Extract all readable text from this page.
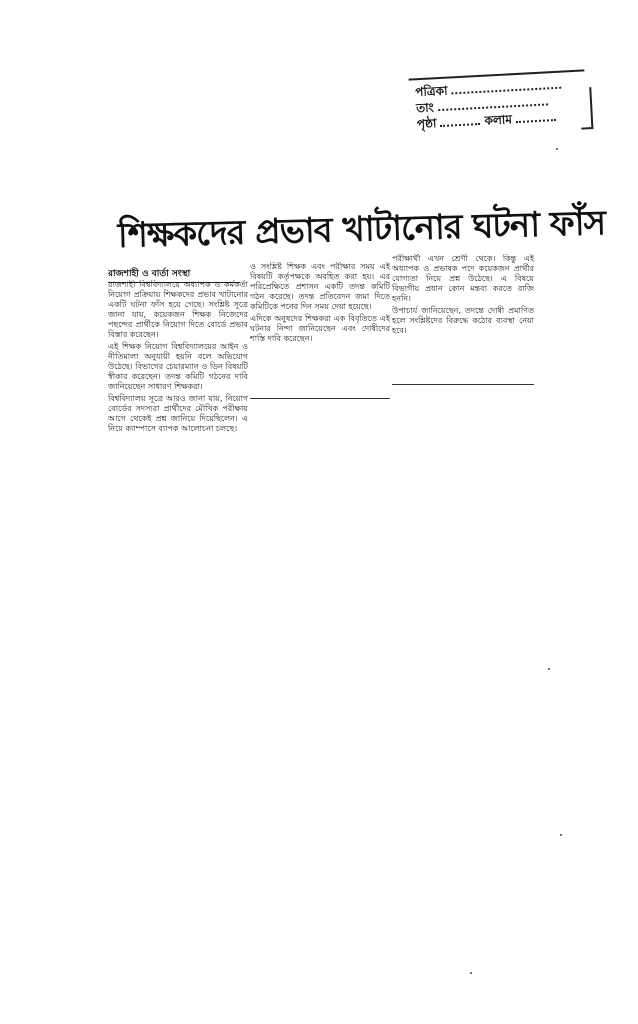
পত্রিকা
তাং
পৃষ্ঠা	কলাম
শিক্ষকদের প্রভাব খাটানোর ঘটনা ফাঁস
রাজশাহী ও বার্তা সংস্থা

রাজশাহী বিশ্ববিদ্যালয়ে অধ্যাপক ও কর্মকর্তা নিয়োগ প্রক্রিয়ায় শিক্ষকদের প্রভাব খাটানোর একটি ঘটনা ফাঁস হয়ে গেছে। সংশ্লিষ্ট সূত্রে জানা যায়, কয়েকজন শিক্ষক নিজেদের পছন্দের প্রার্থীকে নিয়োগ দিতে বোর্ডে প্রভাব বিস্তার করেছেন।

এই শিক্ষক নিয়োগ বিশ্ববিদ্যালয়ের আইন ও নীতিমালা অনুযায়ী হয়নি বলে অভিযোগ উঠেছে। বিভাগের চেয়ারম্যান ও ডিন বিষয়টি স্বীকার করেছেন। তদন্ত কমিটি গঠনের দাবি জানিয়েছেন সাধারণ শিক্ষকরা।

বিশ্ববিদ্যালয় সূত্রে আরও জানা যায়, নিয়োগ বোর্ডের সদস্যরা প্রার্থীদের মৌখিক পরীক্ষায় আগে থেকেই প্রশ্ন জানিয়ে দিয়েছিলেন। এ নিয়ে ক্যাম্পাসে ব্যাপক আলোচনা চলছে।

ও সংশ্লিষ্ট শিক্ষক এবং পরীক্ষার সময় এই বিষয়টি কর্তৃপক্ষকে অবহিত করা হয়। এর পরিপ্রেক্ষিতে প্রশাসন একটি তদন্ত কমিটি গঠন করেছে। তদন্ত প্রতিবেদন জমা দিতে কমিটিকে পনের দিন সময় দেয়া হয়েছে।

এদিকে অনুষদের শিক্ষকরা এক বিবৃতিতে এই ঘটনার নিন্দা জানিয়েছেন এবং দোষীদের শাস্তি দাবি করেছেন।

পরীক্ষার্থী এখন শ্রেণী থেকে। কিন্তু এই অধ্যাপক ও প্রভাষক পদে কয়েকজন প্রার্থীর যোগ্যতা নিয়ে প্রশ্ন উঠেছে। এ বিষয়ে বিভাগীয় প্রধান কোন মন্তব্য করতে রাজি হননি।

উপাচার্য জানিয়েছেন, তদন্তে দোষী প্রমাণিত হলে সংশ্লিষ্টদের বিরুদ্ধে কঠোর ব্যবস্থা নেয়া হবে।
